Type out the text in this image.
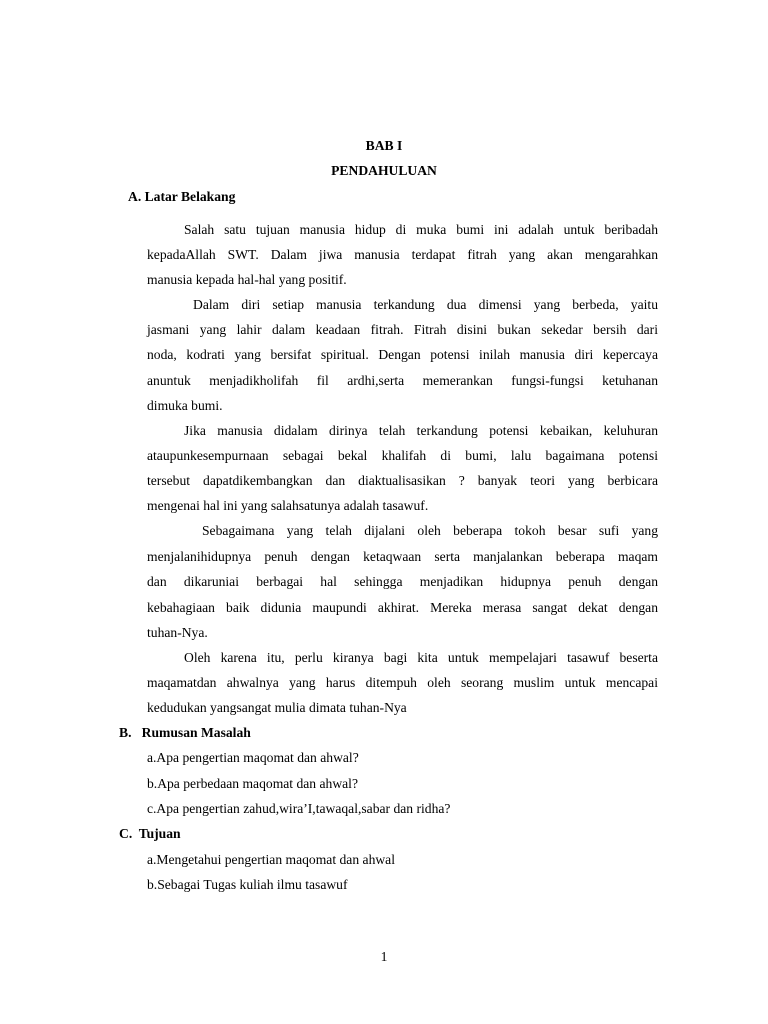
BAB I
PENDAHULUAN
A. Latar Belakang
Salah satu tujuan manusia hidup di muka bumi ini adalah untuk beribadah
kepadaAllah SWT. Dalam jiwa manusia terdapat fitrah yang akan mengarahkan
manusia kepada hal-hal yang positif.
Dalam diri setiap manusia terkandung dua dimensi yang berbeda, yaitu
jasmani yang lahir dalam keadaan fitrah. Fitrah disini bukan sekedar bersih dari
noda, kodrati yang bersifat spiritual. Dengan potensi inilah manusia diri kepercaya
anuntuk menjadikholifah fil ardhi,serta memerankan fungsi-fungsi ketuhanan
dimuka bumi.
Jika manusia didalam dirinya telah terkandung potensi kebaikan, keluhuran
ataupunkesempurnaan sebagai bekal khalifah di bumi, lalu bagaimana potensi
tersebut dapatdikembangkan dan diaktualisasikan ? banyak teori yang berbicara
mengenai hal ini yang salahsatunya adalah tasawuf.
Sebagaimana yang telah dijalani oleh beberapa tokoh besar sufi yang
menjalanihidupnya penuh dengan ketaqwaan serta manjalankan beberapa maqam
dan dikaruniai berbagai hal sehingga menjadikan hidupnya penuh dengan
kebahagiaan baik didunia maupundi akhirat. Mereka merasa sangat dekat dengan
tuhan-Nya.
Oleh karena itu, perlu kiranya bagi kita untuk mempelajari tasawuf beserta
maqamatdan ahwalnya yang harus ditempuh oleh seorang muslim untuk mencapai
kedudukan yangsangat mulia dimata tuhan-Nya
B.   Rumusan Masalah
a.Apa pengertian maqomat dan ahwal?
b.Apa perbedaan maqomat dan ahwal?
c.Apa pengertian zahud,wira’I,tawaqal,sabar dan ridha?
C.  Tujuan
a.Mengetahui pengertian maqomat dan ahwal
b.Sebagai Tugas kuliah ilmu tasawuf
1
